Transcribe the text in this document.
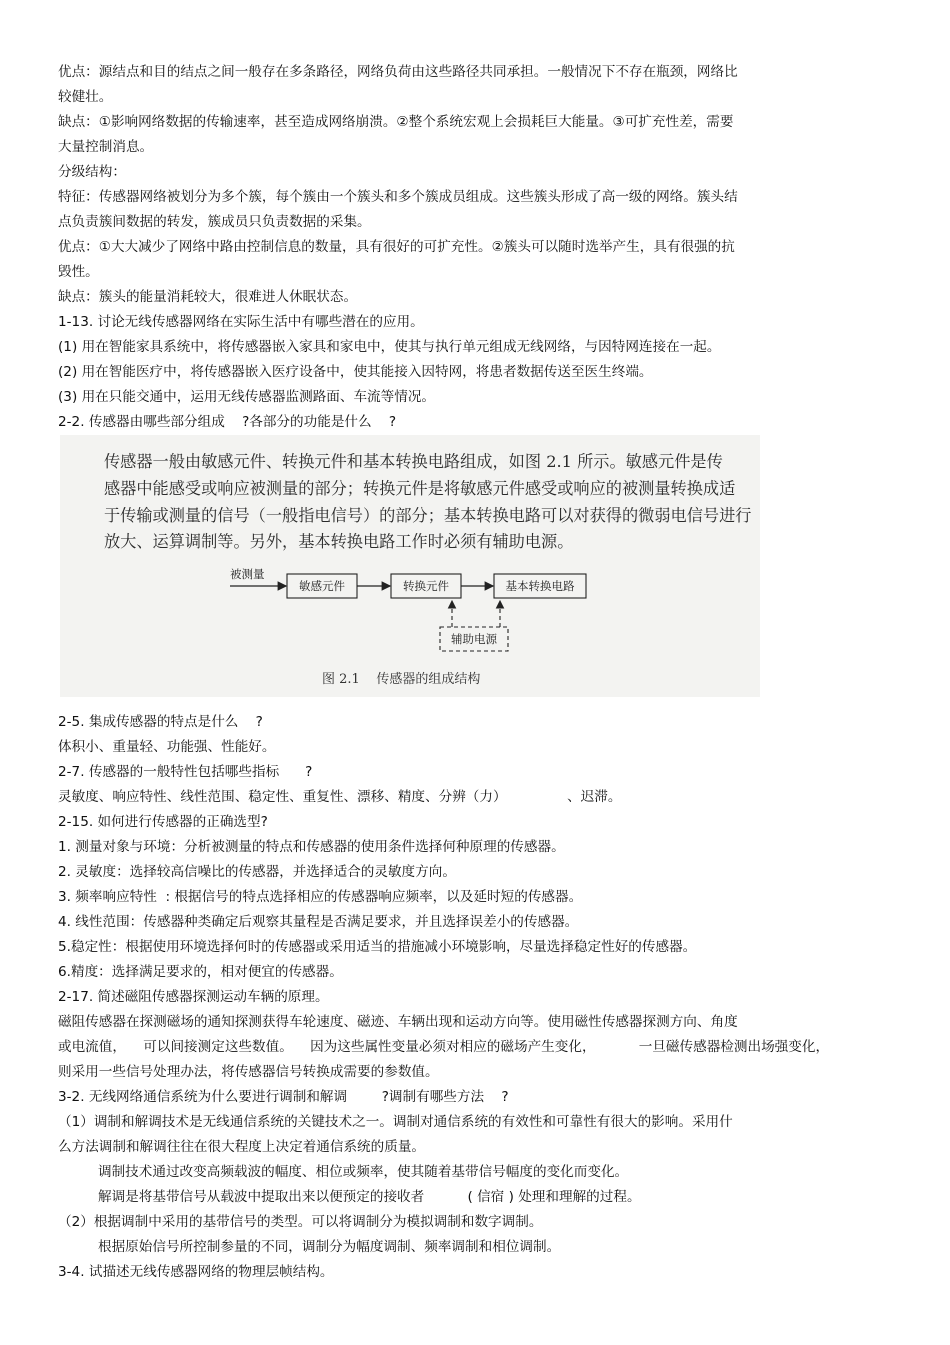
优点：源结点和目的结点之间一般存在多条路径，网络负荷由这些路径共同承担。一般情况下不存在瓶颈，网络比
较健壮。
缺点：①影响网络数据的传输速率，甚至造成网络崩溃。②整个系统宏观上会损耗巨大能量。③可扩充性差，需要
大量控制消息。
分级结构：
特征：传感器网络被划分为多个簇，每个簇由一个簇头和多个簇成员组成。这些簇头形成了高一级的网络。簇头结
点负责簇间数据的转发，簇成员只负责数据的采集。
优点：①大大减少了网络中路由控制信息的数量，具有很好的可扩充性。②簇头可以随时选举产生，具有很强的抗
毁性。
缺点：簇头的能量消耗较大，很难进人休眠状态。
1-13. 讨论无线传感器网络在实际生活中有哪些潜在的应用。
(1) 用在智能家具系统中，将传感器嵌入家具和家电中，使其与执行单元组成无线网络，与因特网连接在一起。
(2) 用在智能医疗中，将传感器嵌入医疗设备中，使其能接入因特网，将患者数据传送至医生终端。
(3) 用在只能交通中，运用无线传感器监测路面、车流等情况。
2-2. 传感器由哪些部分组成    ?各部分的功能是什么    ?
传感器一般由敏感元件、转换元件和基本转换电路组成，如图 2.1 所示。敏感元件是传
感器中能感受或响应被测量的部分；转换元件是将敏感元件感受或响应的被测量转换成适
于传输或测量的信号（一般指电信号）的部分；基本转换电路可以对获得的微弱电信号进行
放大、运算调制等。另外，基本转换电路工作时必须有辅助电源。
被测量
敏感元件	转换元件	基本转换电路
辅助电源
图 2.1    传感器的组成结构
2-5. 集成传感器的特点是什么    ?
体积小、重量轻、功能强、性能好。
2-7. 传感器的一般特性包括哪些指标      ?
灵敏度、响应特性、线性范围、稳定性、重复性、漂移、精度、分辨（力）              、迟滞。
2-15. 如何进行传感器的正确选型?
1. 测量对象与环境：分析被测量的特点和传感器的使用条件选择何种原理的传感器。
2. 灵敏度：选择较高信噪比的传感器，并选择适合的灵敏度方向。
3. 频率响应特性  : 根据信号的特点选择相应的传感器响应频率，以及延时短的传感器。
4. 线性范围：传感器种类确定后观察其量程是否满足要求，并且选择误差小的传感器。
5.稳定性：根据使用环境选择何时的传感器或采用适当的措施减小环境影响，尽量选择稳定性好的传感器。
6.精度：选择满足要求的，相对便宜的传感器。
2-17. 简述磁阻传感器探测运动车辆的原理。
磁阻传感器在探测磁场的通知探测获得车轮速度、磁迹、车辆出现和运动方向等。使用磁性传感器探测方向、角度
或电流值，    可以间接测定这些数值。    因为这些属性变量必须对相应的磁场产生变化，          一旦磁传感器检测出场强变化，
则采用一些信号处理办法，将传感器信号转换成需要的参数值。
3-2. 无线网络通信系统为什么要进行调制和解调        ?调制有哪些方法    ?
（1）调制和解调技术是无线通信系统的关键技术之一。调制对通信系统的有效性和可靠性有很大的影响。采用什
么方法调制和解调往往在很大程度上决定着通信系统的质量。
调制技术通过改变高频载波的幅度、相位或频率，使其随着基带信号幅度的变化而变化。
解调是将基带信号从载波中提取出来以便预定的接收者          ( 信宿 ) 处理和理解的过程。
（2）根据调制中采用的基带信号的类型。可以将调制分为模拟调制和数字调制。
根据原始信号所控制参量的不同，调制分为幅度调制、频率调制和相位调制。
3-4. 试描述无线传感器网络的物理层帧结构。
